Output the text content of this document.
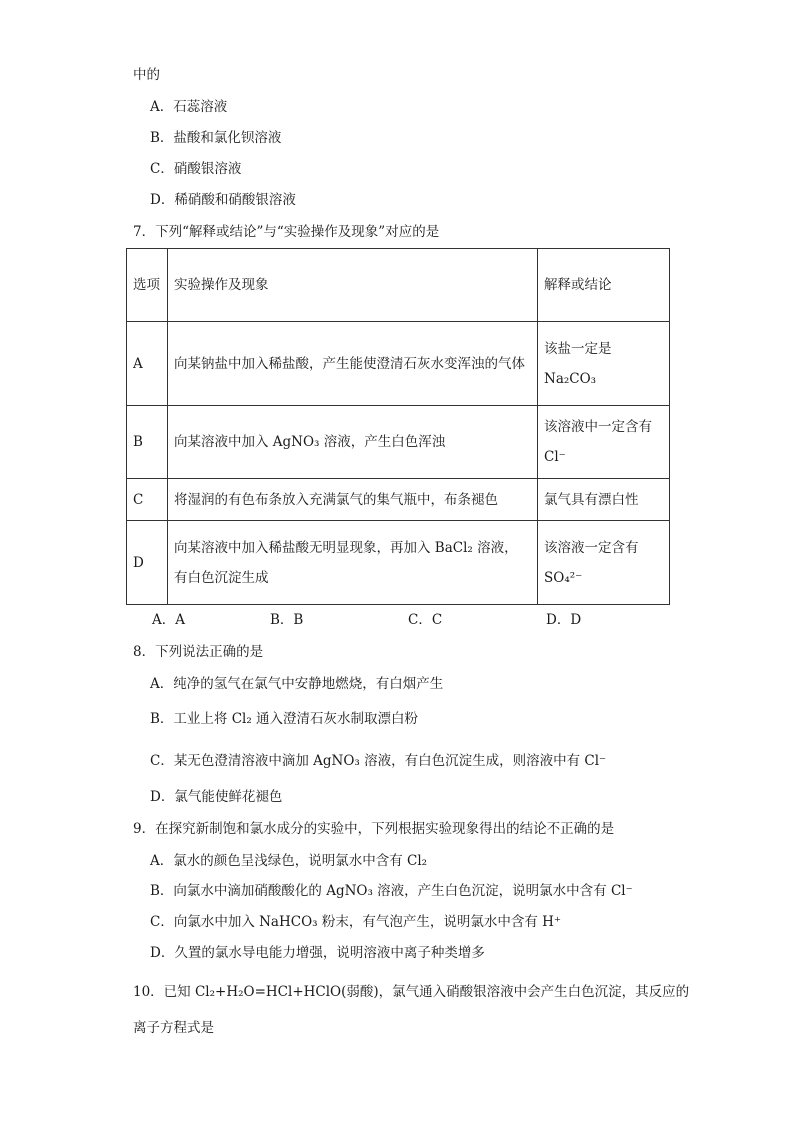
中的
A．石蕊溶液
B．盐酸和氯化钡溶液
C．硝酸银溶液
D．稀硝酸和硝酸银溶液
7．下列“解释或结论”与“实验操作及现象”对应的是
选项	实验操作及现象	解释或结论
A	向某钠盐中加入稀盐酸，产生能使澄清石灰水变浑浊的气体	该盐一定是 Na₂CO₃
B	向某溶液中加入 AgNO₃ 溶液，产生白色浑浊	该溶液中一定含有 Cl⁻
C	将湿润的有色布条放入充满氯气的集气瓶中，布条褪色	氯气具有漂白性
D	向某溶液中加入稀盐酸无明显现象，再加入 BaCl₂ 溶液，有白色沉淀生成	该溶液一定含有 SO₄²⁻
A．A	B．B	C．C	D．D
8．下列说法正确的是
A．纯净的氢气在氯气中安静地燃烧，有白烟产生
B．工业上将 Cl₂ 通入澄清石灰水制取漂白粉
C．某无色澄清溶液中滴加 AgNO₃ 溶液，有白色沉淀生成，则溶液中有 Cl⁻
D．氯气能使鲜花褪色
9．在探究新制饱和氯水成分的实验中，下列根据实验现象得出的结论不正确的是
A．氯水的颜色呈浅绿色，说明氯水中含有 Cl₂
B．向氯水中滴加硝酸酸化的 AgNO₃ 溶液，产生白色沉淀，说明氯水中含有 Cl⁻
C．向氯水中加入 NaHCO₃ 粉末，有气泡产生，说明氯水中含有 H⁺
D．久置的氯水导电能力增强，说明溶液中离子种类增多
10．已知 Cl₂+H₂O=HCl+HClO(弱酸)，氯气通入硝酸银溶液中会产生白色沉淀，其反应的
离子方程式是
